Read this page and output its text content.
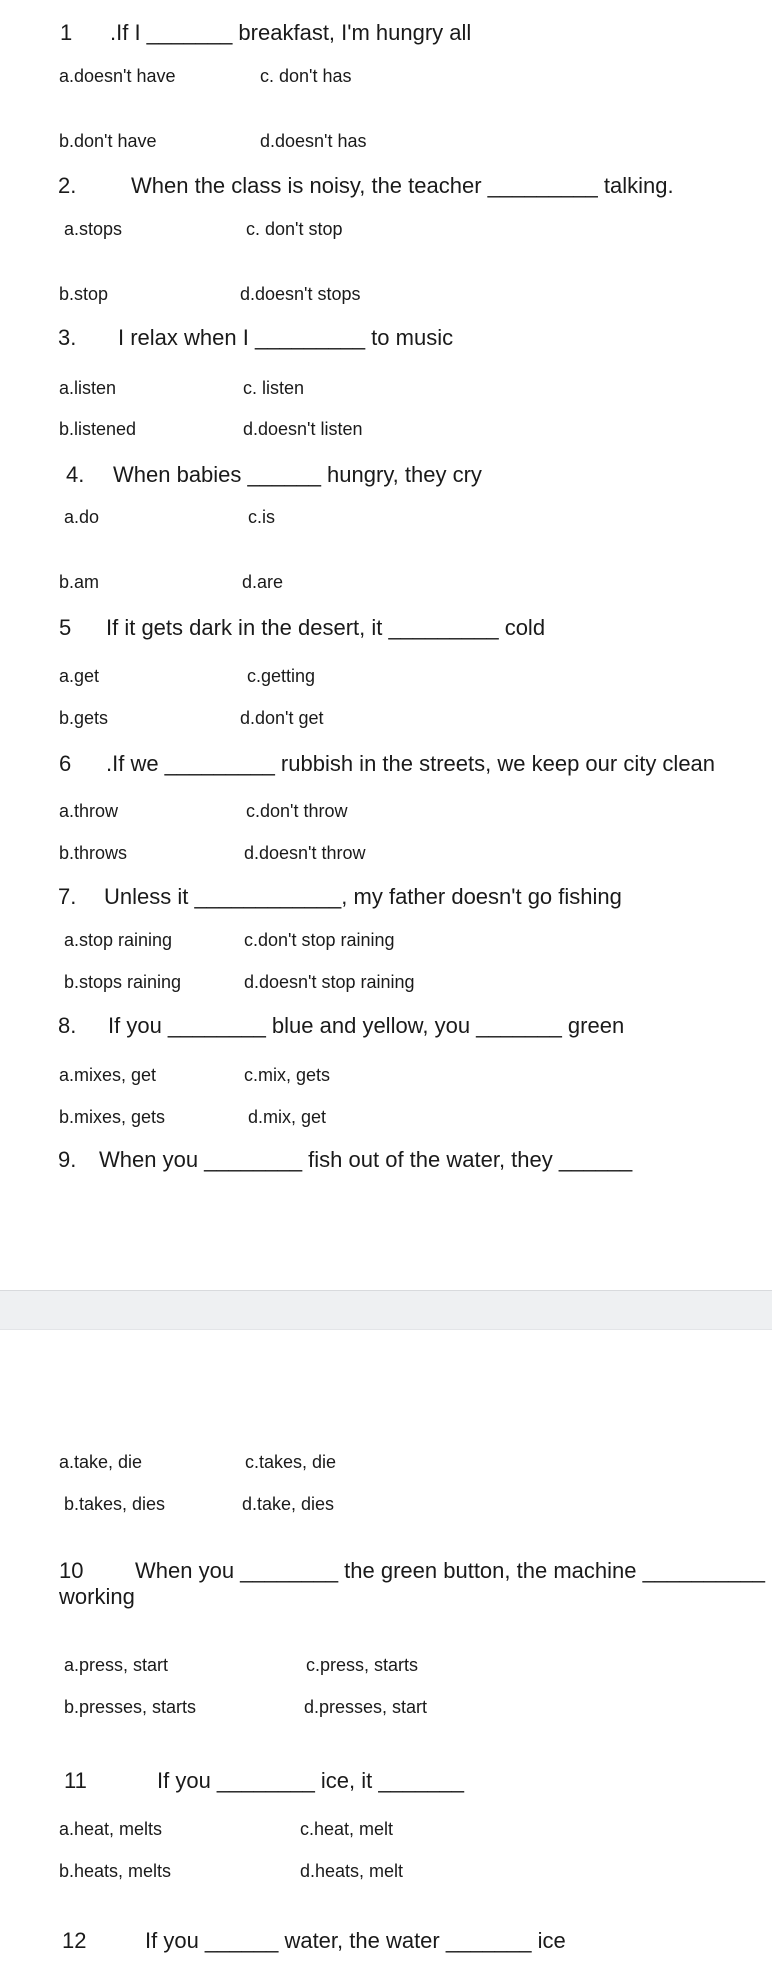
1 .If I _______ breakfast, I'm hungry all
a.doesn't have	c. don't has
b.don't have	d.doesn't has
2. When the class is noisy, the teacher _________ talking.
a.stops	c. don't stop
b.stop	d.doesn't stops
3. I relax when I _________ to music
a.listen	c. listen
b.listened	d.doesn't listen
4. When babies ______ hungry, they cry
a.do	c.is
b.am	d.are
5 If it gets dark in the desert, it _________ cold
a.get	c.getting
b.gets	d.don't get
6 .If we _________ rubbish in the streets, we keep our city clean
a.throw	c.don't throw
b.throws	d.doesn't throw
7. Unless it ____________, my father doesn't go fishing
a.stop raining	c.don't stop raining
b.stops raining	d.doesn't stop raining
8. If you ________ blue and yellow, you _______ green
a.mixes, get	c.mix, gets
b.mixes, gets	d.mix, get
9. When you ________ fish out of the water, they ______
a.take, die	c.takes, die
b.takes, dies	d.take, dies
10 When you ________ the green button, the machine __________
working
a.press, start	c.press, starts
b.presses, starts	d.presses, start
11	If you ________ ice, it _______
a.heat, melts	c.heat, melt
b.heats, melts	d.heats, melt
12	If you ______ water, the water _______ ice
